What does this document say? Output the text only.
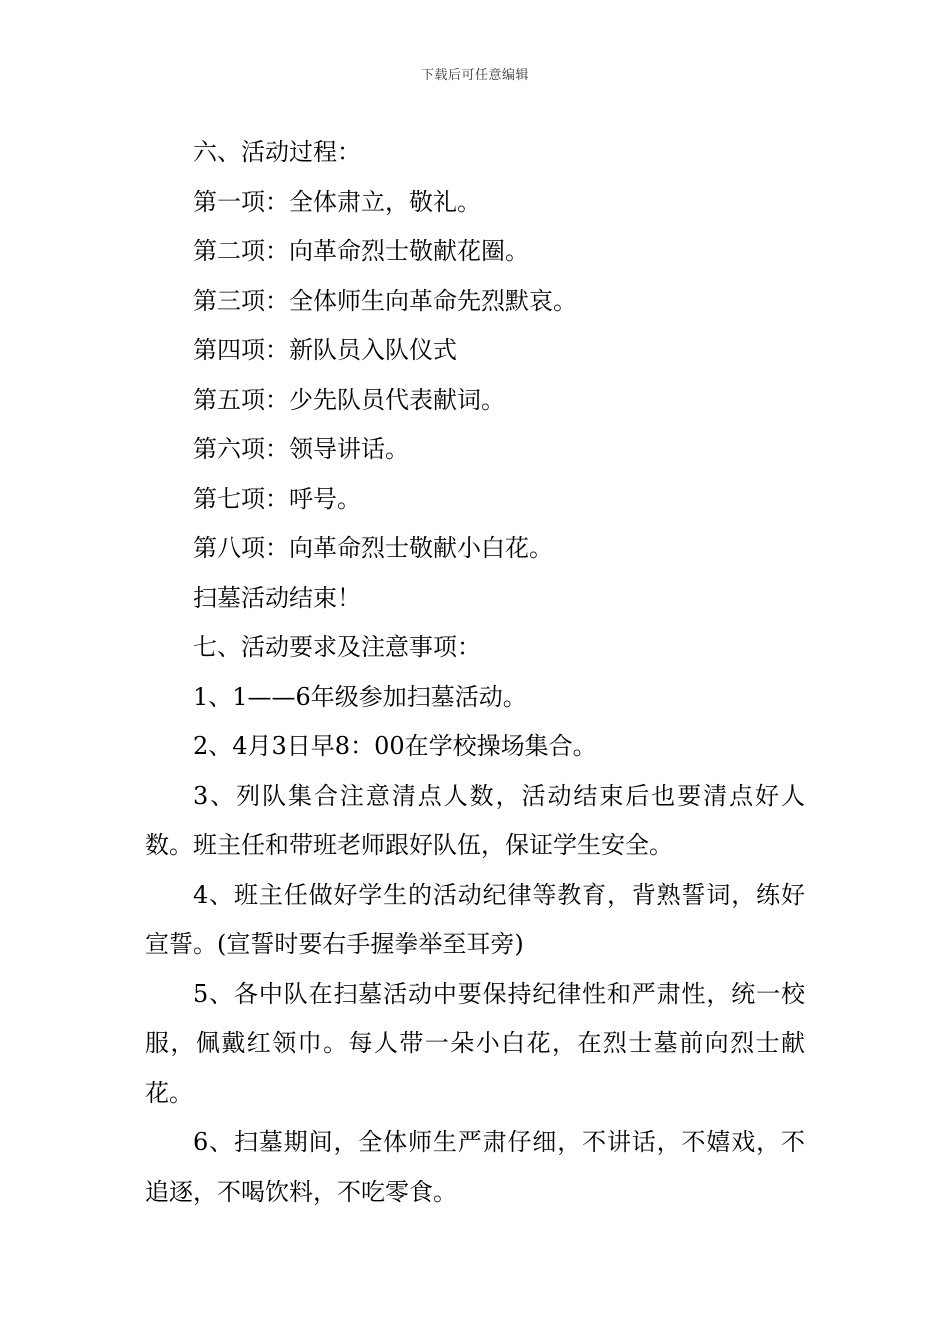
下载后可任意编辑

六、活动过程：

第一项：全体肃立，敬礼。

第二项：向革命烈士敬献花圈。

第三项：全体师生向革命先烈默哀。

第四项：新队员入队仪式

第五项：少先队员代表献词。

第六项：领导讲话。

第七项：呼号。

第八项：向革命烈士敬献小白花。

扫墓活动结束！

七、活动要求及注意事项：

1、1——6年级参加扫墓活动。

2、4月3日早8：00在学校操场集合。

3、列队集合注意清点人数，活动结束后也要清点好人数。班主任和带班老师跟好队伍，保证学生安全。

4、班主任做好学生的活动纪律等教育，背熟誓词，练好宣誓。(宣誓时要右手握拳举至耳旁)

5、各中队在扫墓活动中要保持纪律性和严肃性，统一校服，佩戴红领巾。每人带一朵小白花，在烈士墓前向烈士献花。

6、扫墓期间，全体师生严肃仔细，不讲话，不嬉戏，不追逐，不喝饮料，不吃零食。
